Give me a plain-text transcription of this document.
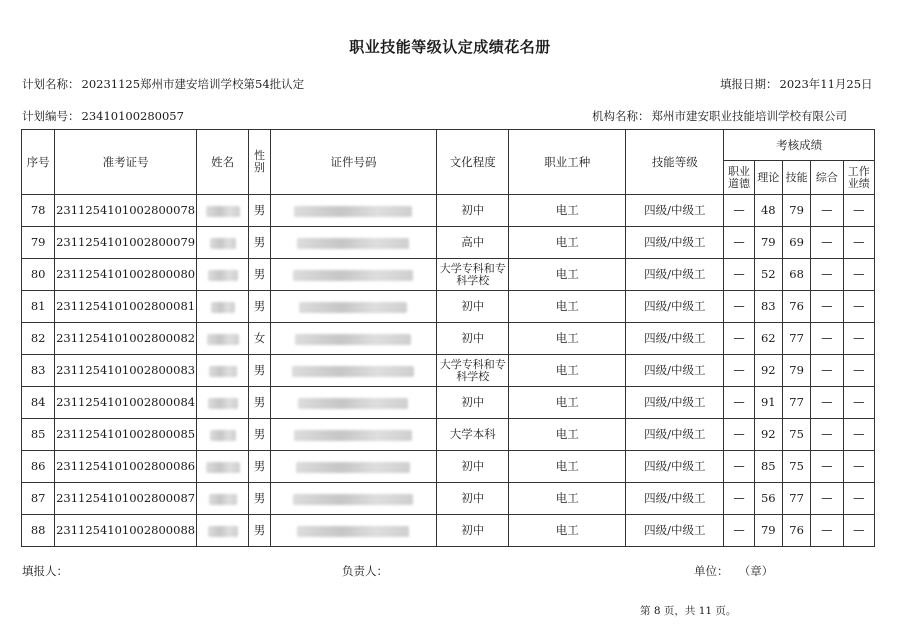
职业技能等级认定成绩花名册
计划名称： 20231125郑州市建安培训学校第54批认定	填报日期： 2023年11月25日
计划编号： 23410100280057	机构名称： 郑州市建安职业技能培训学校有限公司
序号	准考证号	姓名	性别	证件号码	文化程度	职业工种	技能等级	考核成绩				
								职业道德	理论	技能	综合	工作业绩
78	2311254101002800078		男		初中	电工	四级/中级工	—	48	79	—	—
79	2311254101002800079		男		高中	电工	四级/中级工	—	79	69	—	—
80	2311254101002800080		男		大学专科和专科学校	电工	四级/中级工	—	52	68	—	—
81	2311254101002800081		男		初中	电工	四级/中级工	—	83	76	—	—
82	2311254101002800082		女		初中	电工	四级/中级工	—	62	77	—	—
83	2311254101002800083		男		大学专科和专科学校	电工	四级/中级工	—	92	79	—	—
84	2311254101002800084		男		初中	电工	四级/中级工	—	91	77	—	—
85	2311254101002800085		男		大学本科	电工	四级/中级工	—	92	75	—	—
86	2311254101002800086		男		初中	电工	四级/中级工	—	85	75	—	—
87	2311254101002800087		男		初中	电工	四级/中级工	—	56	77	—	—
88	2311254101002800088		男		初中	电工	四级/中级工	—	79	76	—	—
填报人：	负责人：	单位： （章）
第 8 页，共 11 页。
